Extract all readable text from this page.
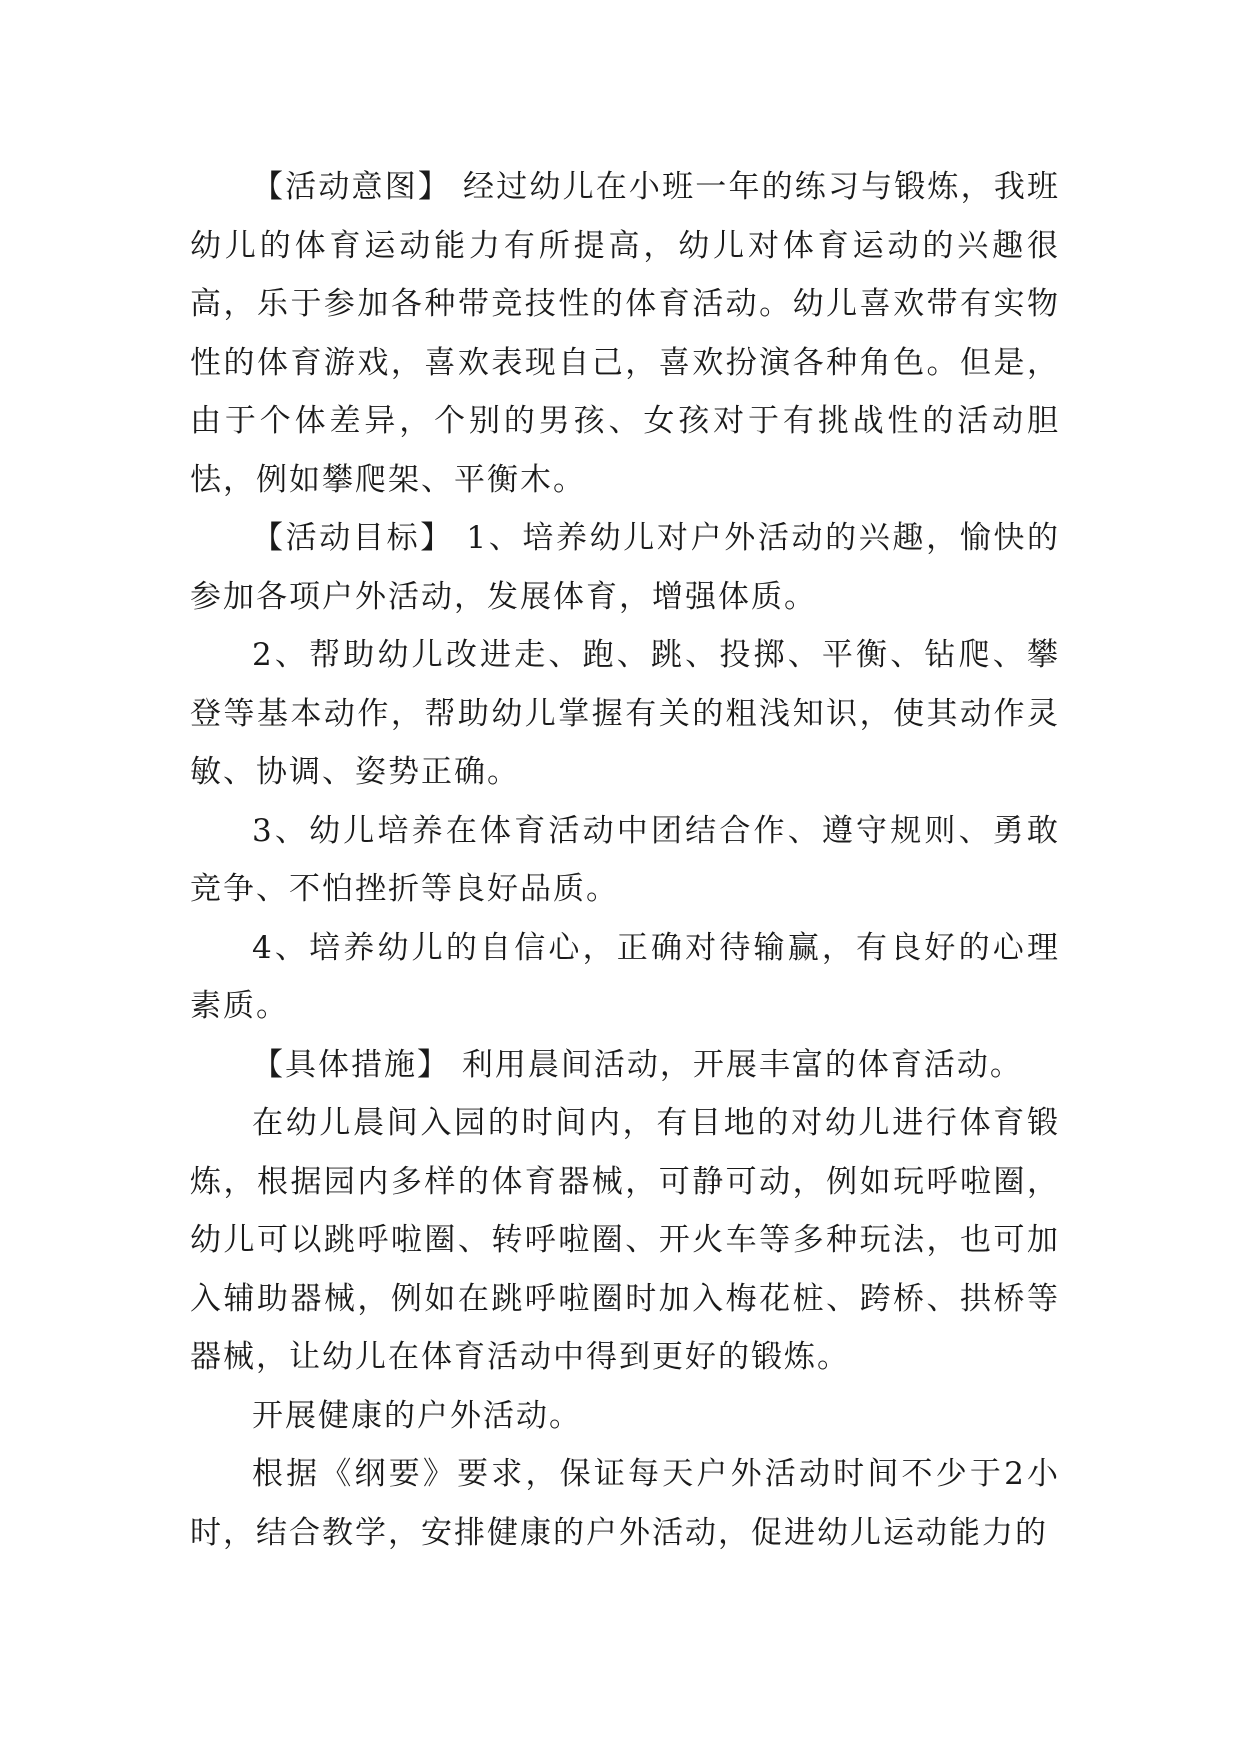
【活动意图】 经过幼儿在小班一年的练习与锻炼，我班幼儿的体育运动能力有所提高，幼儿对体育运动的兴趣很高，乐于参加各种带竞技性的体育活动。幼儿喜欢带有实物性的体育游戏，喜欢表现自己，喜欢扮演各种角色。但是，由于个体差异，个别的男孩、女孩对于有挑战性的活动胆怯，例如攀爬架、平衡木。

【活动目标】 1、培养幼儿对户外活动的兴趣，愉快的参加各项户外活动，发展体育，增强体质。

2、帮助幼儿改进走、跑、跳、投掷、平衡、钻爬、攀登等基本动作，帮助幼儿掌握有关的粗浅知识，使其动作灵敏、协调、姿势正确。

3、幼儿培养在体育活动中团结合作、遵守规则、勇敢竞争、不怕挫折等良好品质。

4、培养幼儿的自信心，正确对待输赢，有良好的心理素质。

【具体措施】 利用晨间活动，开展丰富的体育活动。

在幼儿晨间入园的时间内，有目地的对幼儿进行体育锻炼，根据园内多样的体育器械，可静可动，例如玩呼啦圈，幼儿可以跳呼啦圈、转呼啦圈、开火车等多种玩法，也可加入辅助器械，例如在跳呼啦圈时加入梅花桩、跨桥、拱桥等器械，让幼儿在体育活动中得到更好的锻炼。

开展健康的户外活动。

根据《纲要》要求，保证每天户外活动时间不少于2小时，结合教学，安排健康的户外活动，促进幼儿运动能力的
